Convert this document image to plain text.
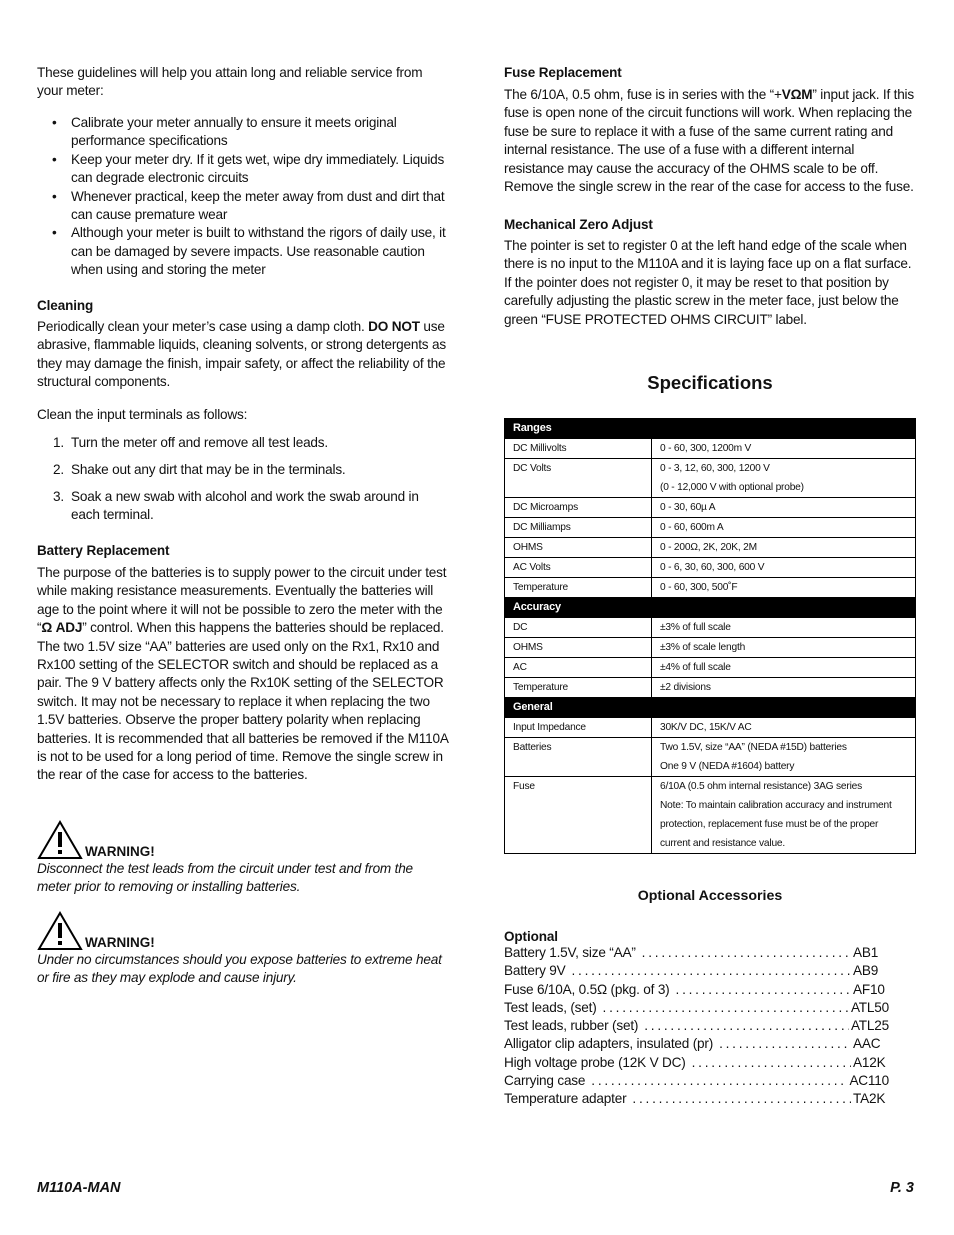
These guidelines will help you attain long and reliable service from your meter:

• Calibrate your meter annually to ensure it meets original performance specifications
• Keep your meter dry. If it gets wet, wipe dry immediately. Liquids can degrade electronic circuits
• Whenever practical, keep the meter away from dust and dirt that can cause premature wear
• Although your meter is built to withstand the rigors of daily use, it can be damaged by severe impacts. Use reasonable caution when using and storing the meter
Cleaning

Periodically clean your meter’s case using a damp cloth. DO NOT use abrasive, flammable liquids, cleaning solvents, or strong detergents as they may damage the finish, impair safety, or affect the reliability of the structural components.

Clean the input terminals as follows:

1. Turn the meter off and remove all test leads.
2. Shake out any dirt that may be in the terminals.
3. Soak a new swab with alcohol and work the swab around in each terminal.
Battery Replacement

The purpose of the batteries is to supply power to the circuit under test while making resistance measurements. Eventually the batteries will age to the point where it will not be possible to zero the meter with the “Ω ADJ” control. When this happens the batteries should be replaced. The two 1.5V size “AA” batteries are used only on the Rx1, Rx10 and Rx100 setting of the SELECTOR switch and should be replaced as a pair. The 9 V battery affects only the Rx10K setting of the SELECTOR switch. It may not be necessary to replace it when replacing the two 1.5V batteries. Observe the proper battery polarity when replacing batteries. It is recommended that all batteries be removed if the M110A is not to be used for a long period of time. Remove the single screw in the rear of the case for access to the batteries.

WARNING!

Disconnect the test leads from the circuit under test and from the meter prior to removing or installing batteries.

WARNING!

Under no circumstances should you expose batteries to extreme heat or fire as they may explode and cause injury.

Fuse Replacement

The 6/10A, 0.5 ohm, fuse is in series with the “+VΩM” input jack. If this fuse is open none of the circuit functions will work. When replacing the fuse be sure to replace it with a fuse of the same current rating and internal resistance. The use of a fuse with a different internal resistance may cause the accuracy of the OHMS scale to be off. Remove the single screw in the rear of the case for access to the fuse.

Mechanical Zero Adjust

The pointer is set to register 0 at the left hand edge of the scale when there is no input to the M110A and it is laying face up on a flat surface. If the pointer does not register 0, it may be reset to that position by carefully adjusting the plastic screw in the meter face, just below the green “FUSE PROTECTED OHMS CIRCUIT” label.

Specifications
Ranges	
DC Millivolts	0 - 60, 300, 1200m V
DC Volts	0 - 3, 12, 60, 300, 1200 V
(0 - 12,000 V with optional probe)

DC Microamps	0 - 30, 60µ A
DC Milliamps	0 - 60, 600m A
OHMS	0 - 200Ω, 2K, 20K, 2M
AC Volts	0 - 6, 30, 60, 300, 600 V
Temperature	0 - 60, 300, 500˚F
Accuracy	
DC	±3% of full scale
OHMS	±3% of scale length
AC	±4% of full scale
Temperature	±2 divisions
General	
Input Impedance	30K/V DC, 15K/V AC
Batteries	Two 1.5V, size “AA” (NEDA #15D) batteries
One 9 V (NEDA #1604) battery

Fuse	6/10A (0.5 ohm internal resistance) 3AG series
Note: To maintain calibration accuracy and instrument
protection, replacement fuse must be of the proper
current and resistance value.
Optional Accessories
Optional
Battery 1.5V, size “AA” . . .	AB1
Battery 9V . . .	AB9
Fuse 6/10A, 0.5Ω (pkg. of 3) . . .	AF10
Test leads, (set) . . .	ATL50
Test leads, rubber (set) . . .	ATL25
Alligator clip adapters, insulated (pr) . . .	AAC
High voltage probe (12K V DC) . . .	A12K
Carrying case . . .	AC110
Temperature adapter . . .	TA2K
M110A-MAN	P. 3
